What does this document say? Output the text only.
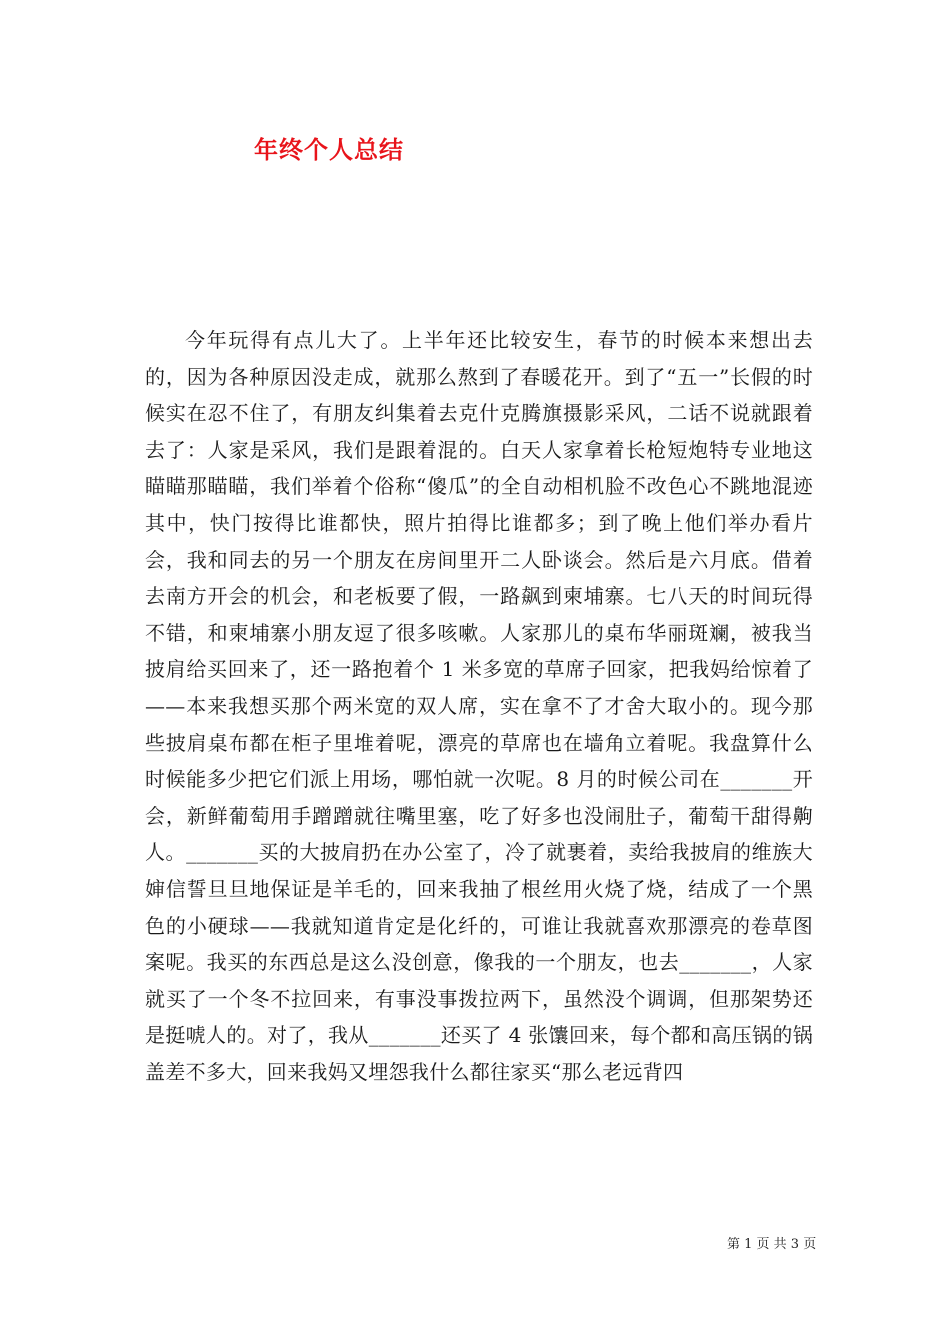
年终个人总结
今年玩得有点儿大了。上半年还比较安生，春节的时候本来想出去的，因为各种原因没走成，就那么熬到了春暖花开。到了“五一”长假的时候实在忍不住了，有朋友纠集着去克什克腾旗摄影采风，二话不说就跟着去了：人家是采风，我们是跟着混的。白天人家拿着长枪短炮特专业地这瞄瞄那瞄瞄，我们举着个俗称“傻瓜”的全自动相机脸不改色心不跳地混迹其中，快门按得比谁都快，照片拍得比谁都多；到了晚上他们举办看片会，我和同去的另一个朋友在房间里开二人卧谈会。然后是六月底。借着去南方开会的机会，和老板要了假，一路飙到柬埔寨。七八天的时间玩得不错，和柬埔寨小朋友逗了很多咳嗽。人家那儿的桌布华丽斑斓，被我当披肩给买回来了，还一路抱着个 1 米多宽的草席子回家，把我妈给惊着了——本来我想买那个两米宽的双人席，实在拿不了才舍大取小的。现今那些披肩桌布都在柜子里堆着呢，漂亮的草席也在墙角立着呢。我盘算什么时候能多少把它们派上用场，哪怕就一次呢。8 月的时候公司在_______开会，新鲜葡萄用手蹭蹭就往嘴里塞，吃了好多也没闹肚子，葡萄干甜得齁人。_______买的大披肩扔在办公室了，冷了就裹着，卖给我披肩的维族大婶信誓旦旦地保证是羊毛的，回来我抽了根丝用火烧了烧，结成了一个黑色的小硬球——我就知道肯定是化纤的，可谁让我就喜欢那漂亮的卷草图案呢。我买的东西总是这么没创意，像我的一个朋友，也去_______，人家就买了一个冬不拉回来，有事没事拨拉两下，虽然没个调调，但那架势还是挺唬人的。对了，我从_______还买了 4 张馕回来，每个都和高压锅的锅盖差不多大，回来我妈又埋怨我什么都往家买“那么老远背四
第 1 页 共 3 页
